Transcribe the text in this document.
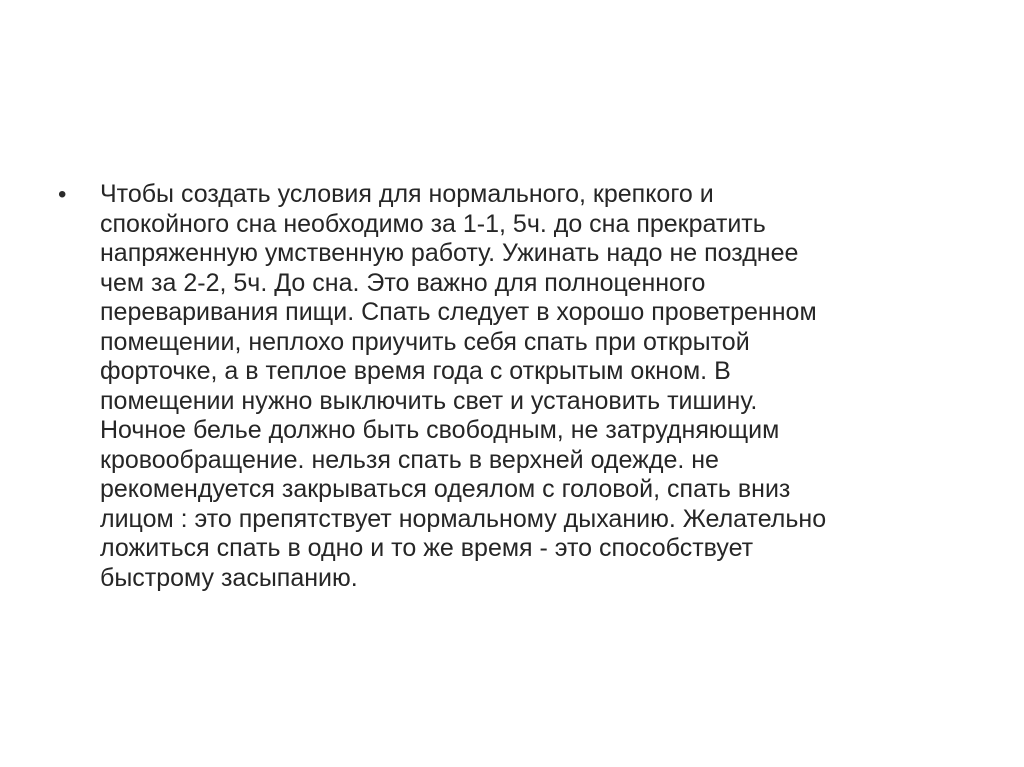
•	Чтобы создать условия для нормального, крепкого и
спокойного сна необходимо за 1-1, 5ч. до сна прекратить
напряженную умственную работу. Ужинать надо не позднее
чем за 2-2, 5ч. До сна. Это важно для полноценного
переваривания пищи. Спать следует в хорошо проветренном
помещении, неплохо приучить себя спать при открытой
форточке, а в теплое время года с открытым окном. В
помещении нужно выключить свет и установить тишину.
Ночное белье должно быть свободным, не затрудняющим
кровообращение. нельзя спать в верхней одежде. не
рекомендуется закрываться одеялом с головой, спать вниз
лицом : это препятствует нормальному дыханию. Желательно
ложиться спать в одно и то же время - это способствует
быстрому засыпанию.
